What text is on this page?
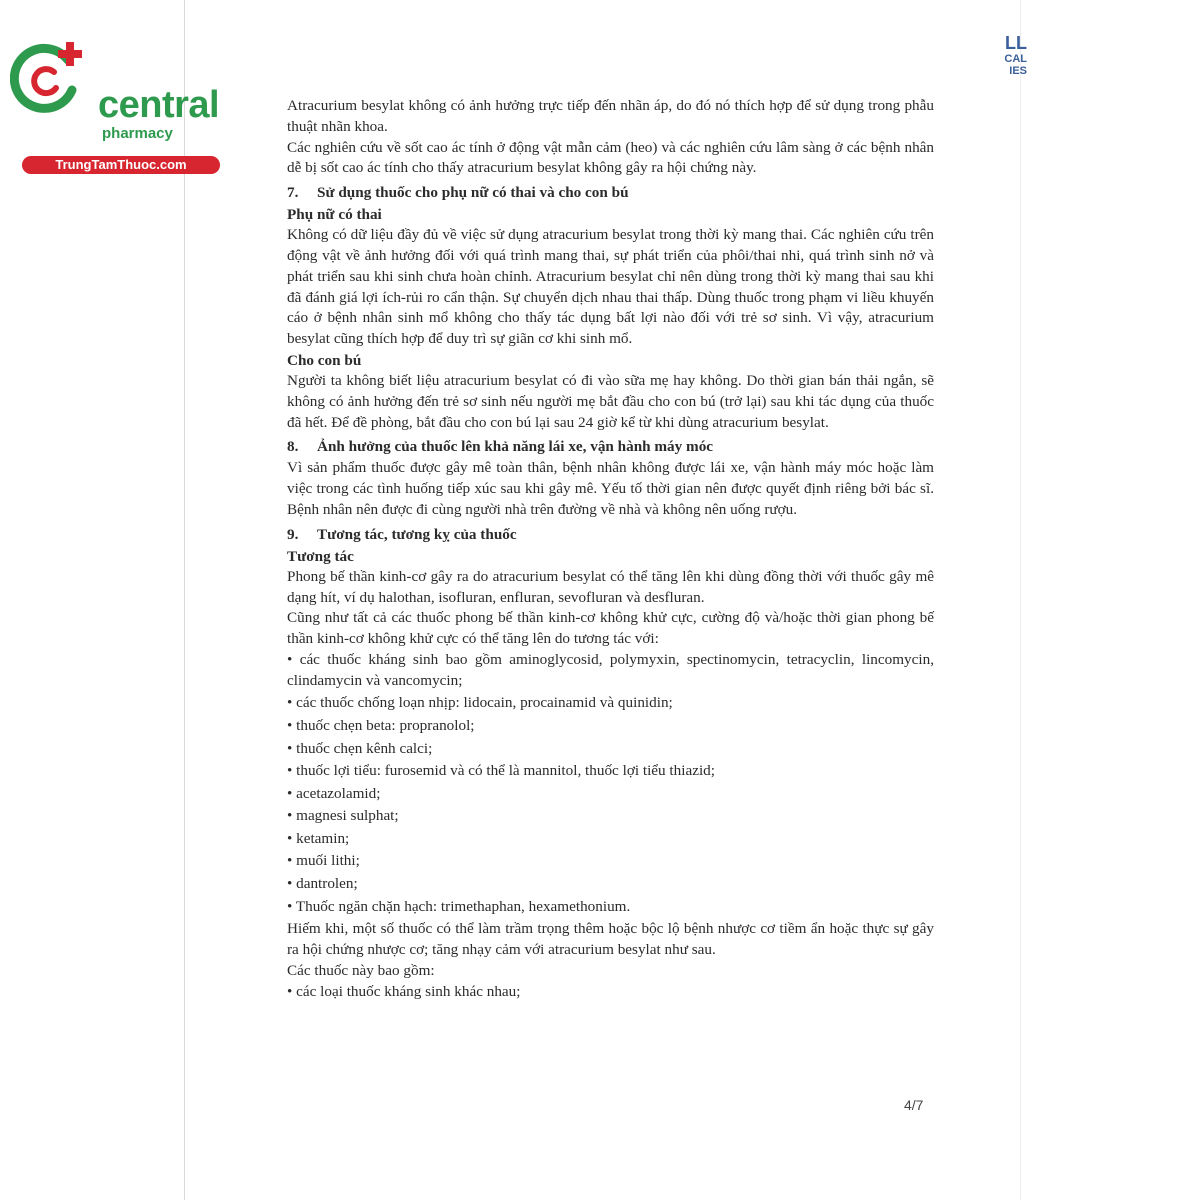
central
pharmacy
TrungTamThuoc.com
LL
CAL
IES

Atracurium besylat không có ảnh hưởng trực tiếp đến nhãn áp, do đó nó thích hợp để sử dụng trong phẫu thuật nhãn khoa.

Các nghiên cứu về sốt cao ác tính ở động vật mẫn cảm (heo) và các nghiên cứu lâm sàng ở các bệnh nhân dễ bị sốt cao ác tính cho thấy atracurium besylat không gây ra hội chứng này.

7. Sử dụng thuốc cho phụ nữ có thai và cho con bú
Phụ nữ có thai

Không có dữ liệu đầy đủ về việc sử dụng atracurium besylat trong thời kỳ mang thai. Các nghiên cứu trên động vật về ảnh hưởng đối với quá trình mang thai, sự phát triển của phôi/thai nhi, quá trình sinh nở và phát triển sau khi sinh chưa hoàn chỉnh. Atracurium besylat chỉ nên dùng trong thời kỳ mang thai sau khi đã đánh giá lợi ích-rủi ro cẩn thận. Sự chuyển dịch nhau thai thấp. Dùng thuốc trong phạm vi liều khuyến cáo ở bệnh nhân sinh mổ không cho thấy tác dụng bất lợi nào đối với trẻ sơ sinh. Vì vậy, atracurium besylat cũng thích hợp để duy trì sự giãn cơ khi sinh mổ.

Cho con bú

Người ta không biết liệu atracurium besylat có đi vào sữa mẹ hay không. Do thời gian bán thải ngắn, sẽ không có ảnh hưởng đến trẻ sơ sinh nếu người mẹ bắt đầu cho con bú (trở lại) sau khi tác dụng của thuốc đã hết. Để đề phòng, bắt đầu cho con bú lại sau 24 giờ kể từ khi dùng atracurium besylat.

8. Ảnh hưởng của thuốc lên khả năng lái xe, vận hành máy móc

Vì sản phẩm thuốc được gây mê toàn thân, bệnh nhân không được lái xe, vận hành máy móc hoặc làm việc trong các tình huống tiếp xúc sau khi gây mê. Yếu tố thời gian nên được quyết định riêng bởi bác sĩ. Bệnh nhân nên được đi cùng người nhà trên đường về nhà và không nên uống rượu.

9. Tương tác, tương kỵ của thuốc
Tương tác

Phong bế thần kinh-cơ gây ra do atracurium besylat có thể tăng lên khi dùng đồng thời với thuốc gây mê dạng hít, ví dụ halothan, isofluran, enfluran, sevofluran và desfluran.

Cũng như tất cả các thuốc phong bế thần kinh-cơ không khử cực, cường độ và/hoặc thời gian phong bế thần kinh-cơ không khử cực có thể tăng lên do tương tác với:

• các thuốc kháng sinh bao gồm aminoglycosid, polymyxin, spectinomycin, tetracyclin, lincomycin, clindamycin và vancomycin;
• các thuốc chống loạn nhịp: lidocain, procainamid và quinidin;
• thuốc chẹn beta: propranolol;
• thuốc chẹn kênh calci;
• thuốc lợi tiểu: furosemid và có thể là mannitol, thuốc lợi tiểu thiazid;
• acetazolamid;
• magnesi sulphat;
• ketamin;
• muối lithi;
• dantrolen;
• Thuốc ngăn chặn hạch: trimethaphan, hexamethonium.

Hiếm khi, một số thuốc có thể làm trầm trọng thêm hoặc bộc lộ bệnh nhược cơ tiềm ẩn hoặc thực sự gây ra hội chứng nhược cơ; tăng nhạy cảm với atracurium besylat như sau.

Các thuốc này bao gồm:

• các loại thuốc kháng sinh khác nhau;
4/7
